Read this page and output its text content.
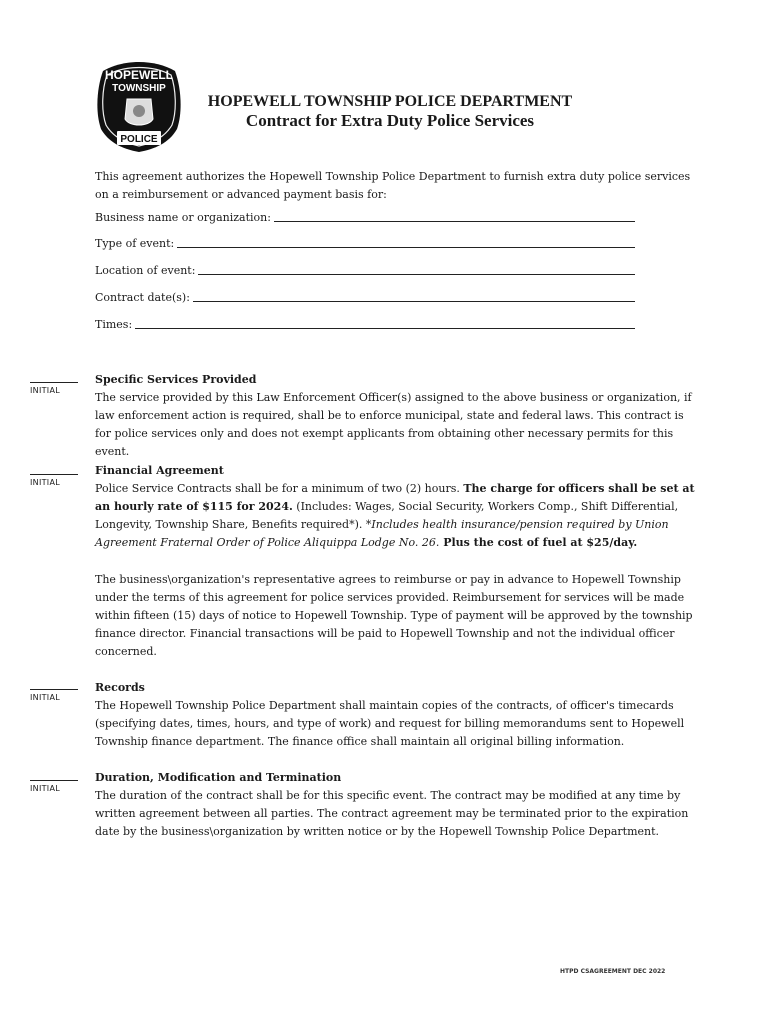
HOPEWELL
TOWNSHIP
POLICE
HOPEWELL TOWNSHIP POLICE DEPARTMENT
Contract for Extra Duty Police Services
This agreement authorizes the Hopewell Township Police Department to furnish extra duty police services on a reimbursement or advanced payment basis for:
Business name or organization:
Type of event:
Location of event:
Contract date(s):
Times:
INITIAL
Specific Services Provided

The service provided by this Law Enforcement Officer(s) assigned to the above business or organization, if law enforcement action is required, shall be to enforce municipal, state and federal laws. This contract is for police services only and does not exempt applicants from obtaining other necessary permits for this event.

INITIAL
Financial Agreement

Police Service Contracts shall be for a minimum of two (2) hours. The charge for officers shall be set at an hourly rate of $115 for 2024. (Includes: Wages, Social Security, Workers Comp., Shift Differential, Longevity, Township Share, Benefits required*). *Includes health insurance/pension required by Union Agreement Fraternal Order of Police Aliquippa Lodge No. 26. Plus the cost of fuel at $25/day.

The business\organization's representative agrees to reimburse or pay in advance to Hopewell Township under the terms of this agreement for police services provided. Reimbursement for services will be made within fifteen (15) days of notice to Hopewell Township. Type of payment will be approved by the township finance director. Financial transactions will be paid to Hopewell Township and not the individual officer concerned.
INITIAL
Records

The Hopewell Township Police Department shall maintain copies of the contracts, of officer's timecards (specifying dates, times, hours, and type of work) and request for billing memorandums sent to Hopewell Township finance department. The finance office shall maintain all original billing information.

INITIAL
Duration, Modification and Termination

The duration of the contract shall be for this specific event. The contract may be modified at any time by written agreement between all parties. The contract agreement may be terminated prior to the expiration date by the business\organization by written notice or by the Hopewell Township Police Department.

HTPD CSAGREEMENT DEC 2022
